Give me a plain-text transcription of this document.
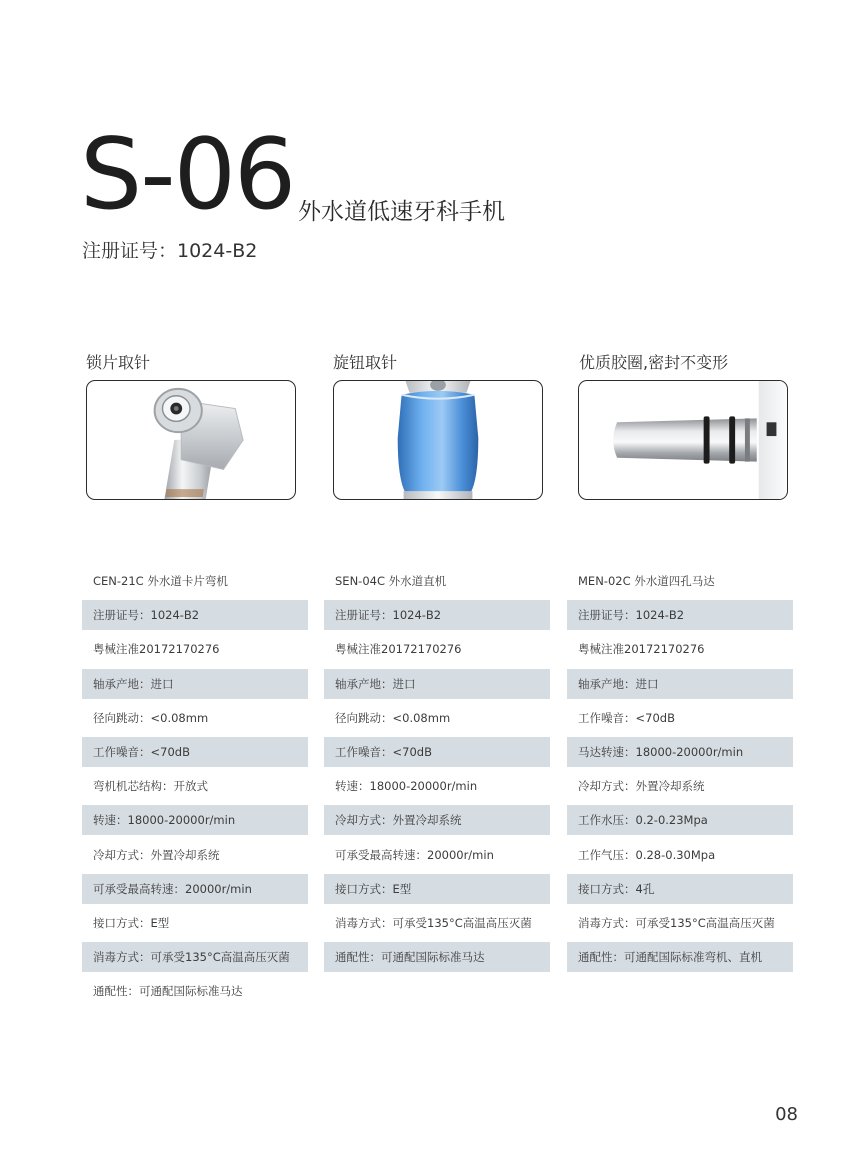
S-06 外水道低速牙科手机
注册证号：1024-B2
锁片取针	旋钮取针	优质胶圈,密封不变形
CEN-21C 外水道卡片弯机
注册证号：1024-B2
粤械注准20172170276
轴承产地：进口
径向跳动：<0.08mm
工作噪音：<70dB
弯机机芯结构：开放式
转速：18000-20000r/min
冷却方式：外置冷却系统
可承受最高转速：20000r/min
接口方式：E型
消毒方式：可承受135°C高温高压灭菌
通配性：可通配国际标准马达
SEN-04C 外水道直机
注册证号：1024-B2
粤械注准20172170276
轴承产地：进口
径向跳动：<0.08mm
工作噪音：<70dB
转速：18000-20000r/min
冷却方式：外置冷却系统
可承受最高转速：20000r/min
接口方式：E型
消毒方式：可承受135°C高温高压灭菌
通配性：可通配国际标准马达
MEN-02C 外水道四孔马达
注册证号：1024-B2
粤械注准20172170276
轴承产地：进口
工作噪音：<70dB
马达转速：18000-20000r/min
冷却方式：外置冷却系统
工作水压：0.2-0.23Mpa
工作气压：0.28-0.30Mpa
接口方式：4孔
消毒方式：可承受135°C高温高压灭菌
通配性：可通配国际标准弯机、直机
08
